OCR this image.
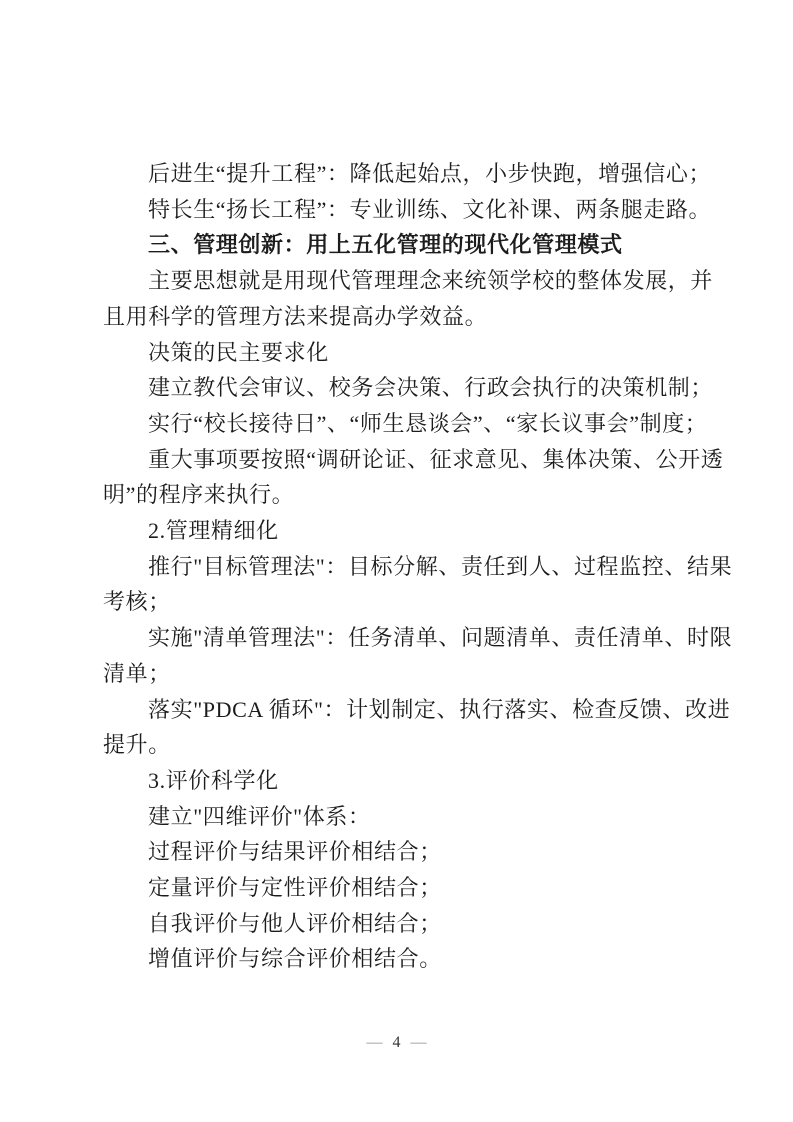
后进生“提升工程”：降低起始点，小步快跑，增强信心；
特长生“扬长工程”：专业训练、文化补课、两条腿走路。
三、管理创新：用上五化管理的现代化管理模式
主要思想就是用现代管理理念来统领学校的整体发展，并
且用科学的管理方法来提高办学效益。
决策的民主要求化
建立教代会审议、校务会决策、行政会执行的决策机制；
实行“校长接待日”、“师生恳谈会”、“家长议事会”制度；
重大事项要按照“调研论证、征求意见、集体决策、公开透
明”的程序来执行。
2.管理精细化
推行"目标管理法"：目标分解、责任到人、过程监控、结果
考核；
实施"清单管理法"：任务清单、问题清单、责任清单、时限
清单；
落实"PDCA 循环"：计划制定、执行落实、检查反馈、改进
提升。
3.评价科学化
建立"四维评价"体系：
过程评价与结果评价相结合；
定量评价与定性评价相结合；
自我评价与他人评价相结合；
增值评价与综合评价相结合。
— 4 —
